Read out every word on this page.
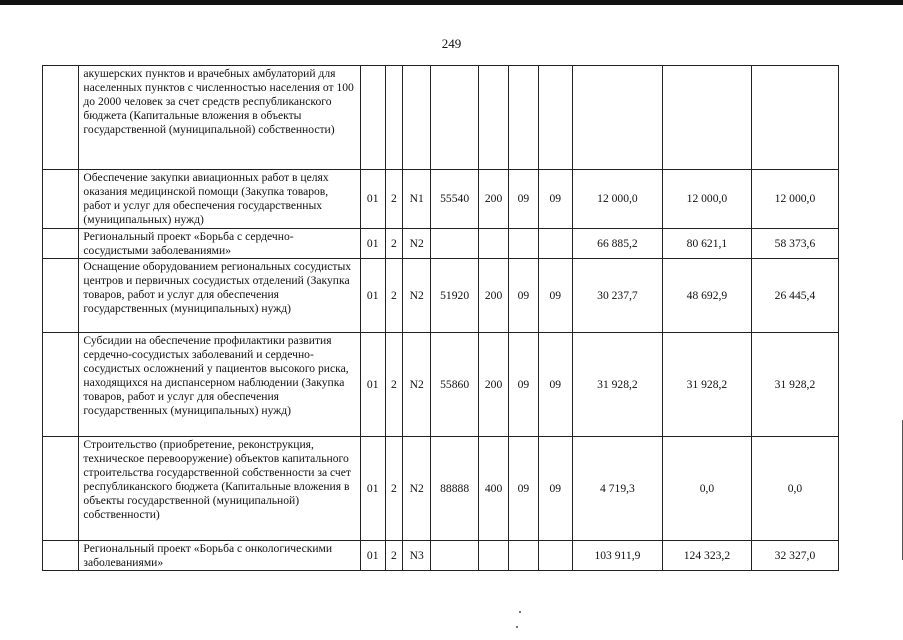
249
	акушерских пунктов и врачебных амбулаторий для населенных пунктов с численностью населения от 100 до 2000 человек за счет средств республиканского бюджета (Капитальные вложения в объекты государственной (муниципальной) собственности)										
	Обеспечение закупки авиационных работ в целях оказания медицинской помощи (Закупка товаров, работ и услуг для обеспечения государственных (муниципальных) нужд)	01	2	N1	55540	200	09	09	12 000,0	12 000,0	12 000,0
	Региональный проект «Борьба с сердечно-сосудистыми заболеваниями»	01	2	N2					66 885,2	80 621,1	58 373,6
	Оснащение оборудованием региональных сосудистых центров и первичных сосудистых отделений (Закупка товаров, работ и услуг для обеспечения государственных (муниципальных) нужд)	01	2	N2	51920	200	09	09	30 237,7	48 692,9	26 445,4
	Субсидии на обеспечение профилактики развития сердечно-сосудистых заболеваний и сердечно-сосудистых осложнений у пациентов высокого риска, находящихся на диспансерном наблюдении (Закупка товаров, работ и услуг для обеспечения государственных (муниципальных) нужд)	01	2	N2	55860	200	09	09	31 928,2	31 928,2	31 928,2
	Строительство (приобретение, реконструкция, техническое перевооружение) объектов капитального строительства государственной собственности за счет республиканского бюджета (Капитальные вложения в объекты государственной (муниципальной) собственности)	01	2	N2	88888	400	09	09	4 719,3	0,0	0,0
	Региональный проект «Борьба с онкологическими заболеваниями»	01	2	N3					103 911,9	124 323,2	32 327,0
